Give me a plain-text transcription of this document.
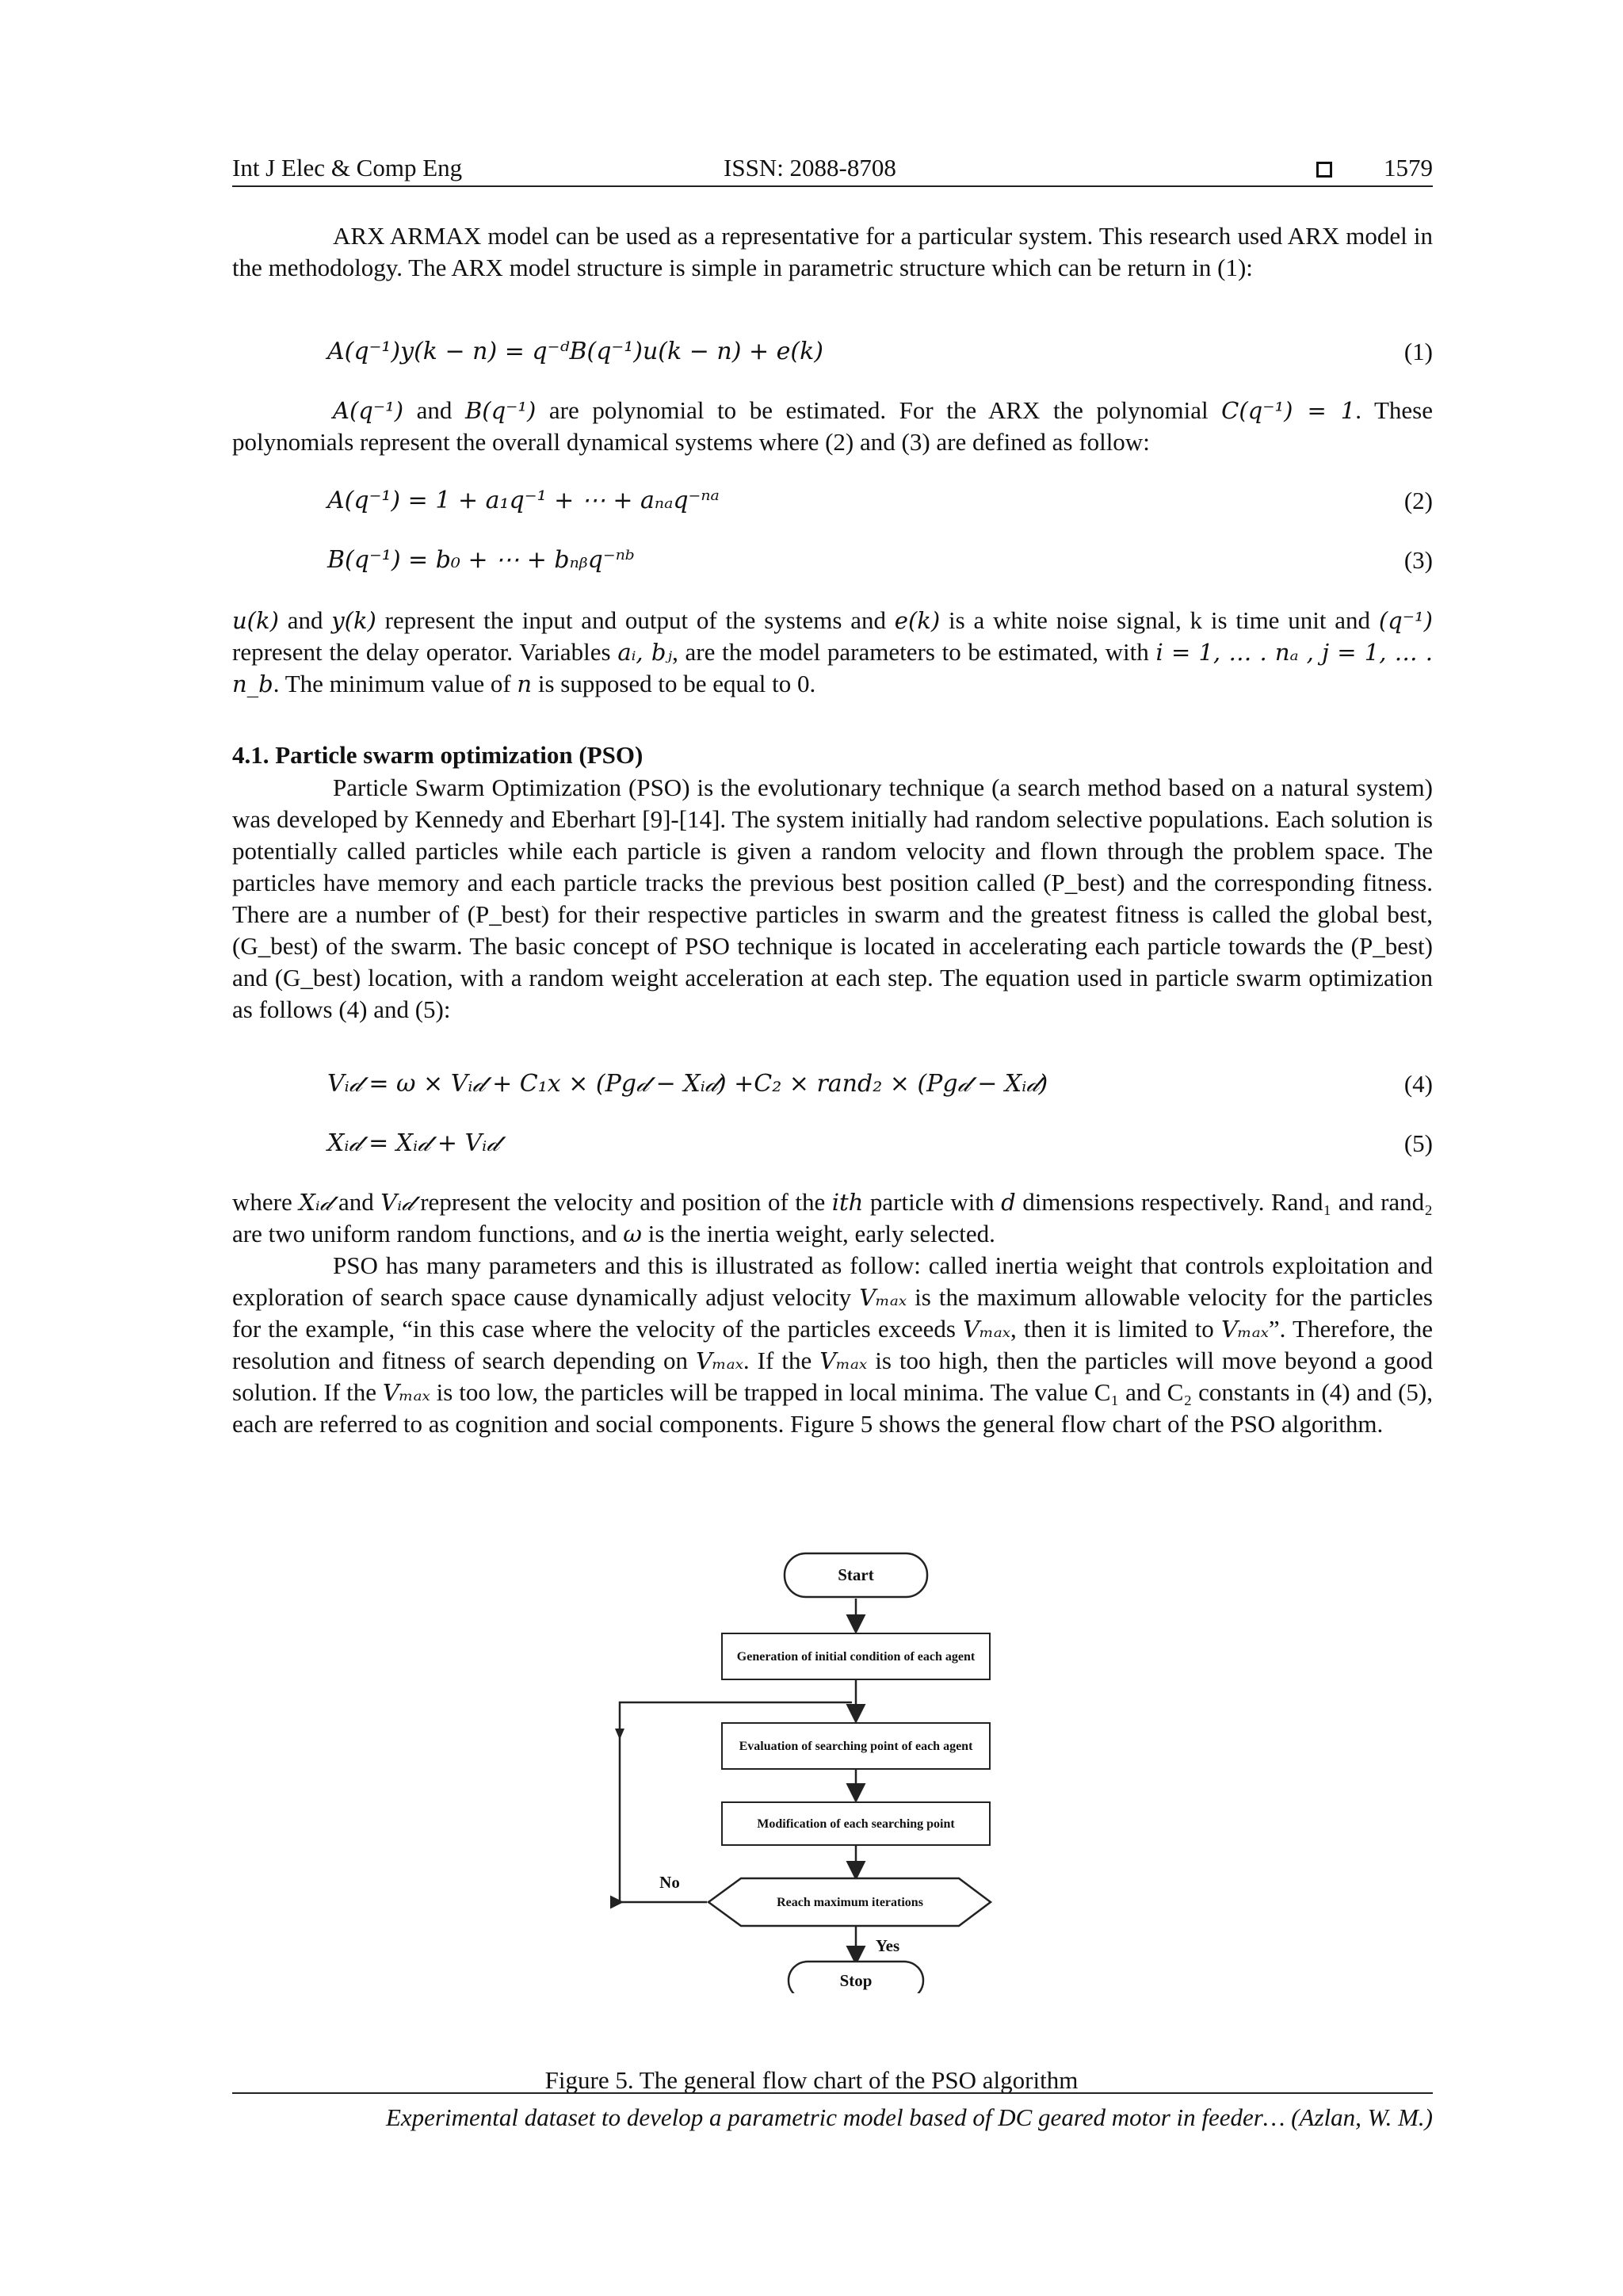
Int J Elec & Comp Eng	ISSN: 2088-8708	1579

ARX ARMAX model can be used as a representative for a particular system. This research used ARX model in the methodology. The ARX model structure is simple in parametric structure which can be return in (1):

A(q⁻¹)y(k − n) = q⁻ᵈB(q⁻¹)u(k − n) + e(k)	(1)

A(q⁻¹) and B(q⁻¹) are polynomial to be estimated. For the ARX the polynomial C(q⁻¹) = 1. These polynomials represent the overall dynamical systems where (2) and (3) are defined as follow:

A(q⁻¹) = 1 + a₁q⁻¹ + ⋯ + aₙₐq⁻ⁿᵃ	(2)
B(q⁻¹) = b₀ + ⋯ + bₙᵦq⁻ⁿᵇ	(3)

u(k) and y(k) represent the input and output of the systems and e(k) is a white noise signal, k is time unit and (q⁻¹) represent the delay operator. Variables aᵢ, bⱼ, are the model parameters to be estimated, with i = 1, … . nₐ , j = 1, … . n_b. The minimum value of n is supposed to be equal to 0.

4.1. Particle swarm optimization (PSO)

Particle Swarm Optimization (PSO) is the evolutionary technique (a search method based on a natural system) was developed by Kennedy and Eberhart [9]-[14]. The system initially had random selective populations. Each solution is potentially called particles while each particle is given a random velocity and flown through the problem space. The particles have memory and each particle tracks the previous best position called (P_best) and the corresponding fitness. There are a number of (P_best) for their respective particles in swarm and the greatest fitness is called the global best, (G_best) of the swarm. The basic concept of PSO technique is located in accelerating each particle towards the (P_best) and (G_best) location, with a random weight acceleration at each step. The equation used in particle swarm optimization as follows (4) and (5):

Vᵢ𝒹 = ω × Vᵢ𝒹 + C₁x × (P𝑔𝒹 − Xᵢ𝒹) +C₂ × rand₂ × (P𝑔𝒹 − Xᵢ𝒹)	(4)
Xᵢ𝒹 = Xᵢ𝒹 + Vᵢ𝒹	(5)

where Xᵢ𝒹 and Vᵢ𝒹 represent the velocity and position of the ith particle with d dimensions respectively. Rand₁ and rand₂ are two uniform random functions, and ω is the inertia weight, early selected.

PSO has many parameters and this is illustrated as follow: called inertia weight that controls exploitation and exploration of search space cause dynamically adjust velocity Vₘₐₓ is the maximum allowable velocity for the particles for the example, “in this case where the velocity of the particles exceeds Vₘₐₓ, then it is limited to Vₘₐₓ”. Therefore, the resolution and fitness of search depending on Vₘₐₓ. If the Vₘₐₓ is too high, then the particles will move beyond a good solution. If the Vₘₐₓ is too low, the particles will be trapped in local minima. The value C₁ and C₂ constants in (4) and (5), each are referred to as cognition and social components. Figure 5 shows the general flow chart of the PSO algorithm.

Start
Generation of initial condition of each agent
Evaluation of searching point of each agent
Modification of each searching point
Reach maximum iterations
No
Yes
Stop
Figure 5. The general flow chart of the PSO algorithm
Experimental dataset to develop a parametric model based of DC geared motor in feeder… (Azlan, W. M.)
